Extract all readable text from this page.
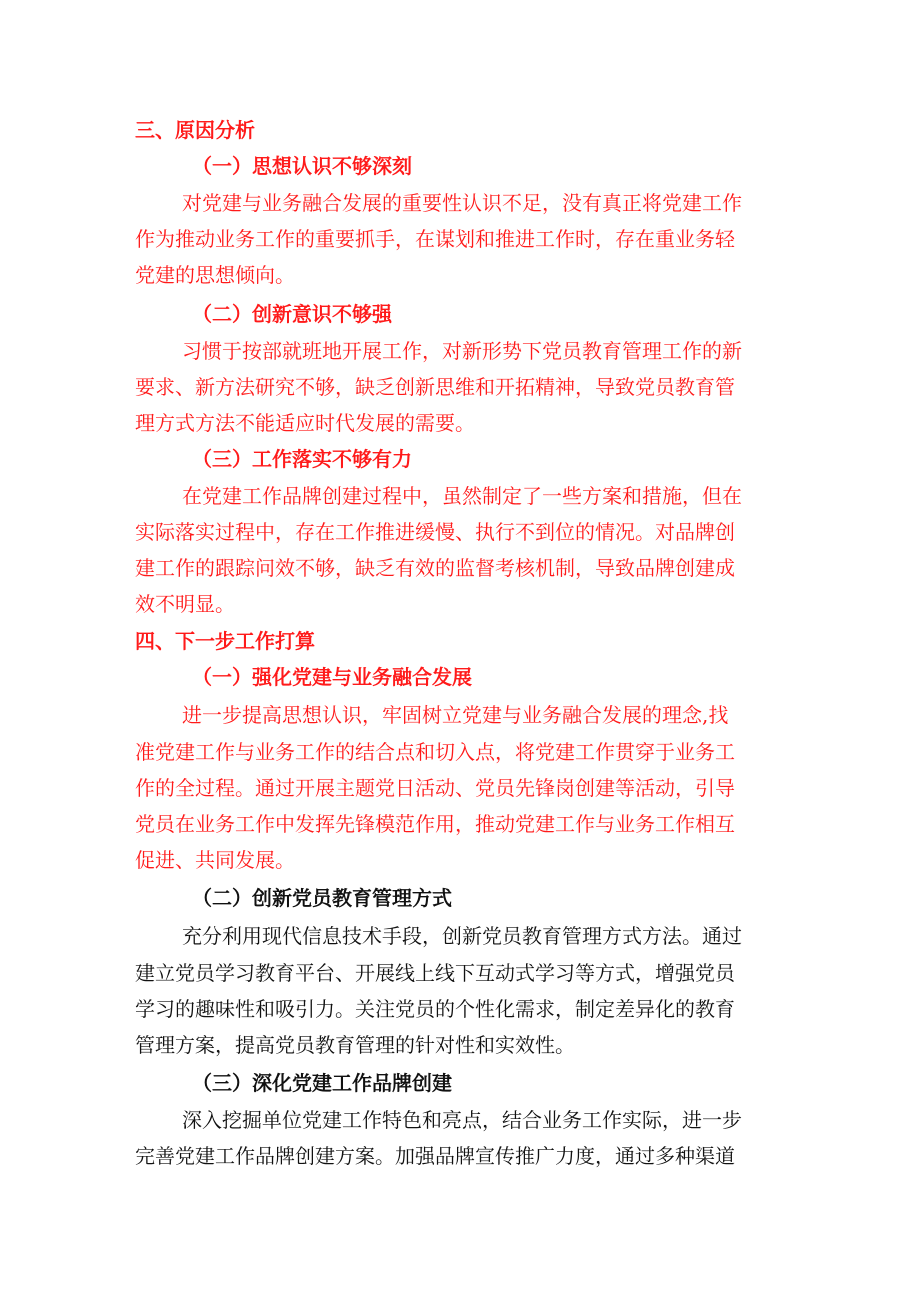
三、原因分析
（一）思想认识不够深刻
对党建与业务融合发展的重要性认识不足，没有真正将党建工作
作为推动业务工作的重要抓手，在谋划和推进工作时，存在重业务轻
党建的思想倾向。
（二）创新意识不够强
习惯于按部就班地开展工作，对新形势下党员教育管理工作的新
要求、新方法研究不够，缺乏创新思维和开拓精神，导致党员教育管
理方式方法不能适应时代发展的需要。
（三）工作落实不够有力
在党建工作品牌创建过程中，虽然制定了一些方案和措施，但在
实际落实过程中，存在工作推进缓慢、执行不到位的情况。对品牌创
建工作的跟踪问效不够，缺乏有效的监督考核机制，导致品牌创建成
效不明显。
四、下一步工作打算
（一）强化党建与业务融合发展
进一步提高思想认识，牢固树立党建与业务融合发展的理念,找
准党建工作与业务工作的结合点和切入点，将党建工作贯穿于业务工
作的全过程。通过开展主题党日活动、党员先锋岗创建等活动，引导
党员在业务工作中发挥先锋模范作用，推动党建工作与业务工作相互
促进、共同发展。
（二）创新党员教育管理方式
充分利用现代信息技术手段，创新党员教育管理方式方法。通过
建立党员学习教育平台、开展线上线下互动式学习等方式，增强党员
学习的趣味性和吸引力。关注党员的个性化需求，制定差异化的教育
管理方案，提高党员教育管理的针对性和实效性。
（三）深化党建工作品牌创建
深入挖掘单位党建工作特色和亮点，结合业务工作实际，进一步
完善党建工作品牌创建方案。加强品牌宣传推广力度，通过多种渠道
